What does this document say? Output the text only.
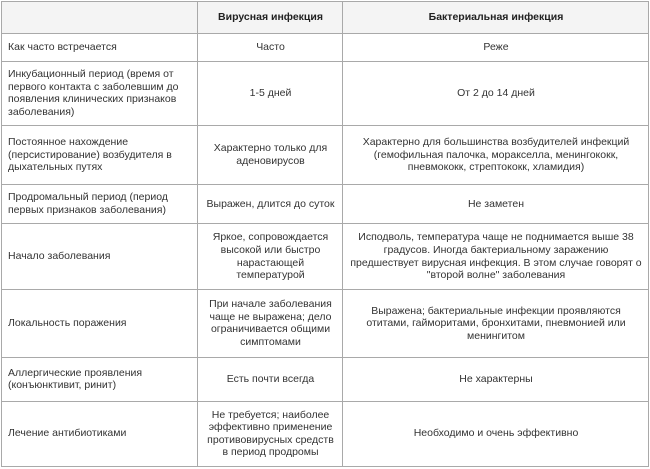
	Вирусная инфекция	Бактериальная инфекция
Как часто встречается	Часто	Реже
Инкубационный период (время от первого контакта с заболевшим до появления клинических признаков заболевания)	1-5 дней	От 2 до 14 дней
Постоянное нахождение (персистирование) возбудителя в дыхательных путях	Характерно только для аденовирусов	Характерно для большинства возбудителей инфекций (гемофильная палочка, моракселла, менингококк, пневмококк, стрептококк, хламидия)
Продромальный период (период первых признаков заболевания)	Выражен, длится до суток	Не заметен
Начало заболевания	Яркое, сопровождается высокой или быстро нарастающей температурой	Исподволь, температура чаще не поднимается выше 38 градусов. Иногда бактериальному заражению предшествует вирусная инфекция. В этом случае говорят о "второй волне" заболевания
Локальность поражения	При начале заболевания чаще не выражена; дело ограничивается общими симптомами	Выражена; бактериальные инфекции проявляются отитами, гайморитами, бронхитами, пневмонией или менингитом
Аллергические проявления (конъюнктивит, ринит)	Есть почти всегда	Не характерны
Лечение антибиотиками	Не требуется; наиболее эффективно применение противовирусных средств в период продромы	Необходимо и очень эффективно
